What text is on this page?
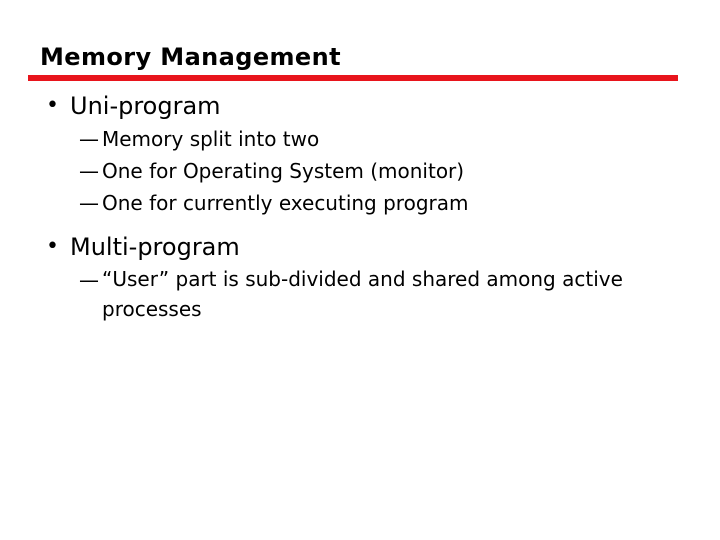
Memory Management
• Uni-program
— Memory split into two
— One for Operating System (monitor)
— One for currently executing program
• Multi-program
— “User” part is sub-divided and shared among active processes
